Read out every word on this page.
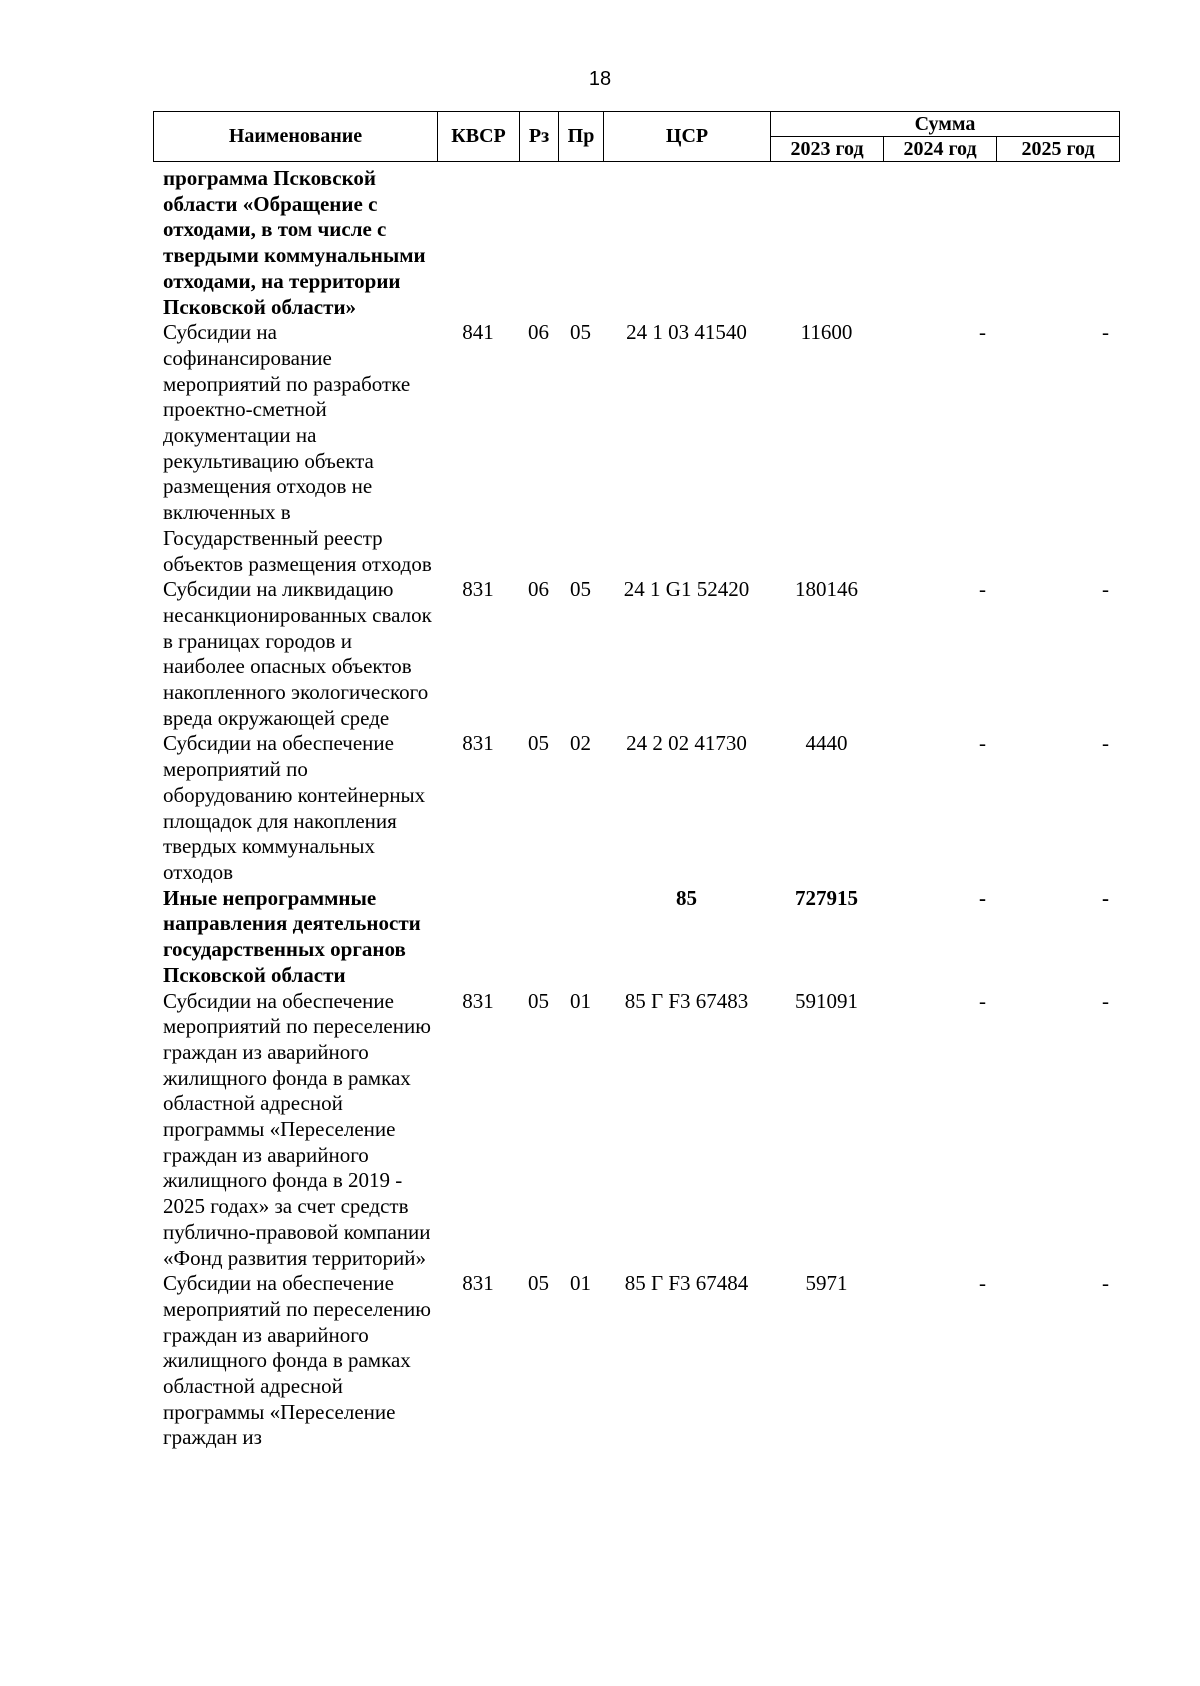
18
Наименование	КВСР	Рз	Пр	ЦСР	Сумма		
					2023 год	2024 год	2025 год
программа Псковской области «Обращение с отходами, в том числе с твердыми коммунальными отходами, на территории Псковской области»							
Субсидии на софинансирование мероприятий по разработке проектно-сметной документации на рекультивацию объекта размещения отходов не включенных в Государственный реестр объектов размещения отходов	841	06	05	24 1 03 41540	11600	-	-
Субсидии на ликвидацию несанкционированных свалок в границах городов и наиболее опасных объектов накопленного экологического вреда окружающей среде	831	06	05	24 1 G1 52420	180146	-	-
Субсидии на обеспечение мероприятий по оборудованию контейнерных площадок для накопления твердых коммунальных отходов	831	05	02	24 2 02 41730	4440	-	-
Иные непрограммные направления деятельности государственных органов Псковской области				85	727915	-	-
Субсидии на обеспечение мероприятий по переселению граждан из аварийного жилищного фонда в рамках областной адресной программы «Переселение граждан из аварийного жилищного фонда в 2019 - 2025 годах» за счет средств публично-правовой компании «Фонд развития территорий»	831	05	01	85 Г F3 67483	591091	-	-
Субсидии на обеспечение мероприятий по переселению граждан из аварийного жилищного фонда в рамках областной адресной программы «Переселение граждан из	831	05	01	85 Г F3 67484	5971	-	-
